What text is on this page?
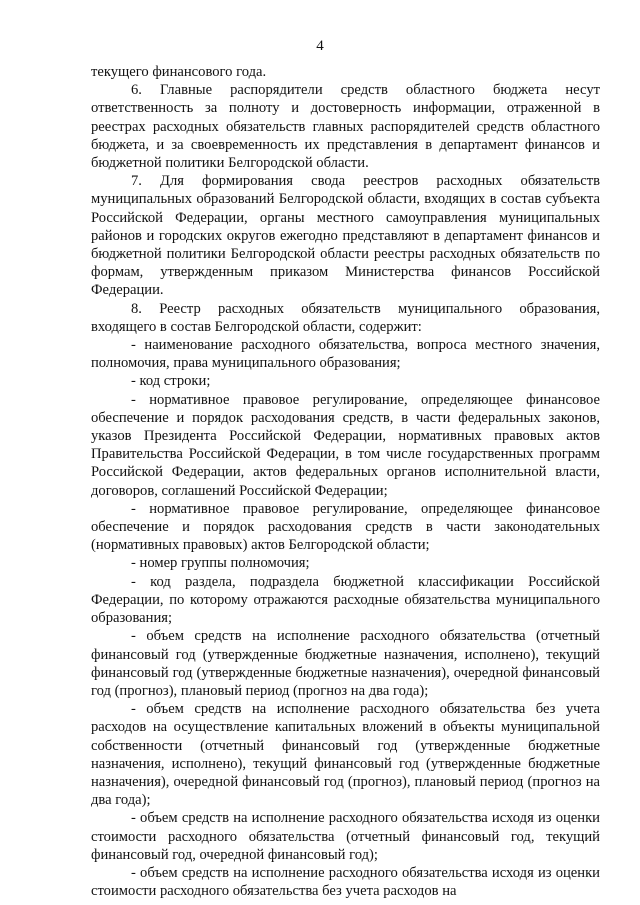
4

текущего финансового года.

6. Главные распорядители средств областного бюджета несут ответственность за полноту и достоверность информации, отраженной в реестрах расходных обязательств главных распорядителей средств областного бюджета, и за своевременность их представления в департамент финансов и бюджетной политики Белгородской области.

7. Для формирования свода реестров расходных обязательств муниципальных образований Белгородской области, входящих в состав субъекта Российской Федерации, органы местного самоуправления муниципальных районов и городских округов ежегодно представляют в департамент финансов и бюджетной политики Белгородской области реестры расходных обязательств по формам, утвержденным приказом Министерства финансов Российской Федерации.

8. Реестр расходных обязательств муниципального образования, входящего в состав Белгородской области, содержит:

- наименование расходного обязательства, вопроса местного значения, полномочия, права муниципального образования;

- код строки;

- нормативное правовое регулирование, определяющее финансовое обеспечение и порядок расходования средств, в части федеральных законов, указов Президента Российской Федерации, нормативных правовых актов Правительства Российской Федерации, в том числе государственных программ Российской Федерации, актов федеральных органов исполнительной власти, договоров, соглашений Российской Федерации;

- нормативное правовое регулирование, определяющее финансовое обеспечение и порядок расходования средств в части законодательных (нормативных правовых) актов Белгородской области;

- номер группы полномочия;

- код раздела, подраздела бюджетной классификации Российской Федерации, по которому отражаются расходные обязательства муниципального образования;

- объем средств на исполнение расходного обязательства (отчетный финансовый год (утвержденные бюджетные назначения, исполнено), текущий финансовый год (утвержденные бюджетные назначения), очередной финансовый год (прогноз), плановый период (прогноз на два года);

- объем средств на исполнение расходного обязательства без учета расходов на осуществление капитальных вложений в объекты муниципальной собственности (отчетный финансовый год (утвержденные бюджетные назначения, исполнено), текущий финансовый год (утвержденные бюджетные назначения), очередной финансовый год (прогноз), плановый период (прогноз на два года);

- объем средств на исполнение расходного обязательства исходя из оценки стоимости расходного обязательства (отчетный финансовый год, текущий финансовый год, очередной финансовый год);

- объем средств на исполнение расходного обязательства исходя из оценки стоимости расходного обязательства без учета расходов на
